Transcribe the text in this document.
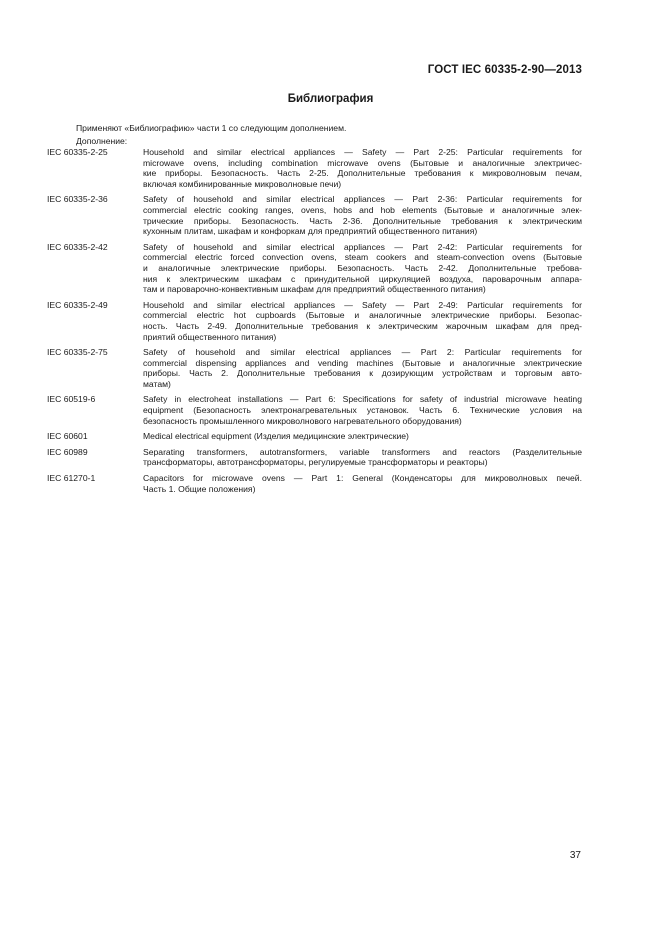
ГОСТ IEC 60335-2-90—2013
Библиография
Применяют «Библиографию» части 1 со следующим дополнением.
Дополнение:
IEC 60335-2-25	Household and similar electrical appliances — Safety — Part 2-25: Particular requirements for
microwave ovens, including combination microwave ovens (Бытовые и аналогичные электричес-
кие приборы. Безопасность. Часть 2-25. Дополнительные требования к микроволновым печам,
включая комбинированные микроволновые печи)
IEC 60335-2-36	Safety of household and similar electrical appliances — Part 2-36: Particular requirements for
commercial electric cooking ranges, ovens, hobs and hob elements (Бытовые и аналогичные элек-
трические приборы. Безопасность. Часть 2-36. Дополнительные требования к электрическим
кухонным плитам, шкафам и конфоркам для предприятий общественного питания)
IEC 60335-2-42	Safety of household and similar electrical appliances — Part 2-42: Particular requirements for
commercial electric forced convection ovens, steam cookers and steam-convection ovens (Бытовые
и аналогичные электрические приборы. Безопасность. Часть 2-42. Дополнительные требова-
ния к электрическим шкафам с принудительной циркуляцией воздуха, пароварочным аппара-
там и пароварочно-конвективным шкафам для предприятий общественного питания)
IEC 60335-2-49	Household and similar electrical appliances — Safety — Part 2-49: Particular requirements for
commercial electric hot cupboards (Бытовые и аналогичные электрические приборы. Безопас-
ность. Часть 2-49. Дополнительные требования к электрическим жарочным шкафам для пред-
приятий общественного питания)
IEC 60335-2-75	Safety of household and similar electrical appliances — Part 2: Particular requirements for
commercial dispensing appliances and vending machines (Бытовые и аналогичные электрические
приборы. Часть 2. Дополнительные требования к дозирующим устройствам и торговым авто-
матам)
IEC 60519-6	Safety in electroheat installations — Part 6: Specifications for safety of industrial microwave heating
equipment (Безопасность электронагревательных установок. Часть 6. Технические условия на
безопасность промышленного микроволнового нагревательного оборудования)
IEC 60601	Medical electrical equipment (Изделия медицинские электрические)
IEC 60989	Separating transformers, autotransformers, variable transformers and reactors (Разделительные
трансформаторы, автотрансформаторы, регулируемые трансформаторы и реакторы)
IEC 61270-1	Capacitors for microwave ovens — Part 1: General (Конденсаторы для микроволновых печей.
Часть 1. Общие положения)
37
